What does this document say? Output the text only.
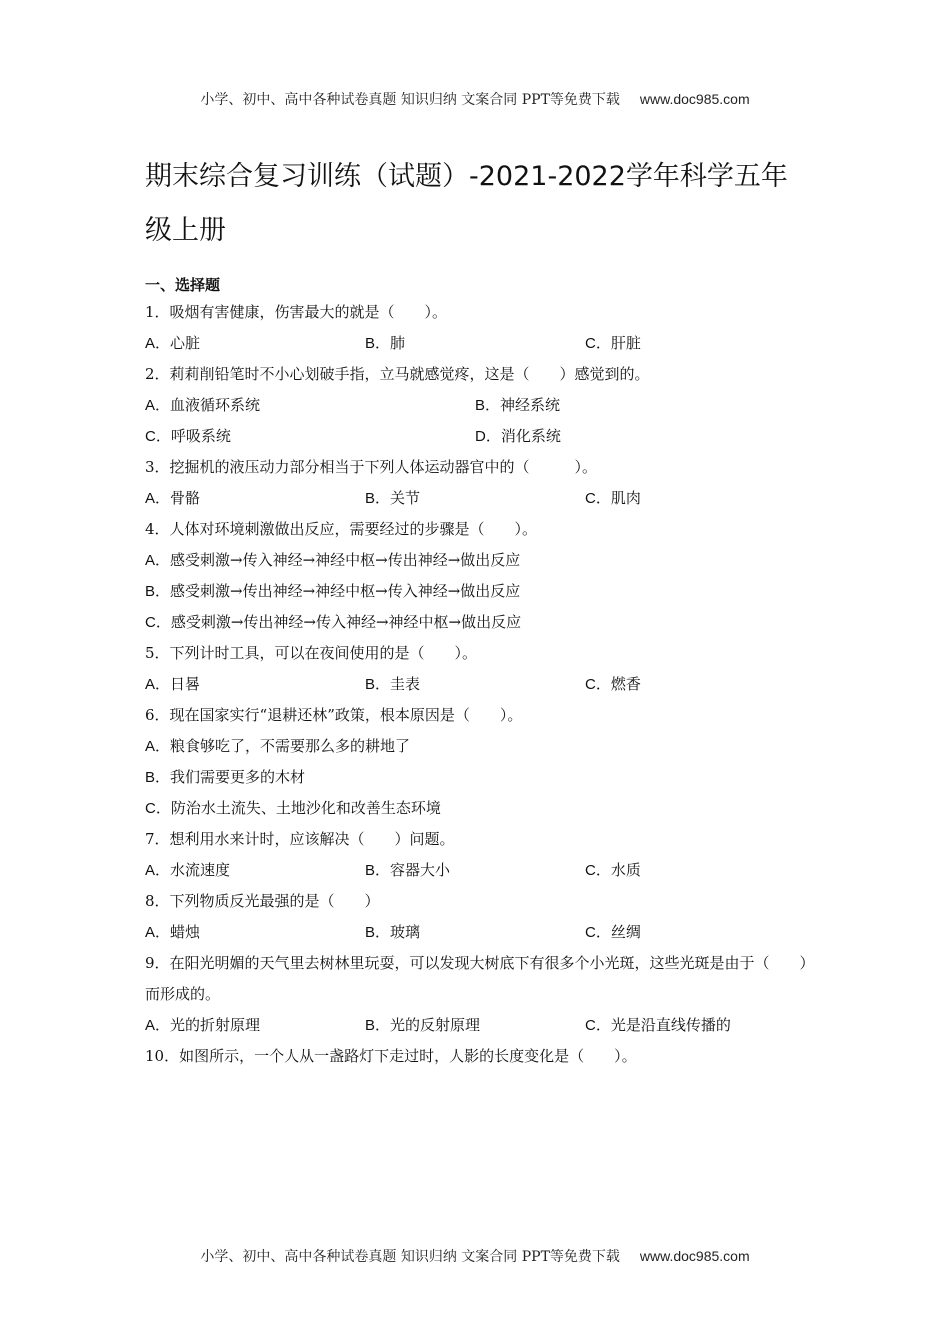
小学、初中、高中各种试卷真题 知识归纳 文案合同 PPT等免费下载 www.doc985.com
期末综合复习训练（试题）-2021-2022学年科学五年级上册
一、选择题
1．吸烟有害健康，伤害最大的就是（　　）。
A．心脏	B．肺	C．肝脏
2．莉莉削铅笔时不小心划破手指，立马就感觉疼，这是（　　）感觉到的。
A．血液循环系统	B．神经系统
C．呼吸系统	D．消化系统
3．挖掘机的液压动力部分相当于下列人体运动器官中的（　　　）。
A．骨骼	B．关节	C．肌肉
4．人体对环境刺激做出反应，需要经过的步骤是（　　）。
A．感受刺激→传入神经→神经中枢→传出神经→做出反应
B．感受刺激→传出神经→神经中枢→传入神经→做出反应
C．感受刺激→传出神经→传入神经→神经中枢→做出反应
5．下列计时工具，可以在夜间使用的是（　　）。
A．日晷	B．圭表	C．燃香
6．现在国家实行“退耕还林”政策，根本原因是（　　）。
A．粮食够吃了，不需要那么多的耕地了
B．我们需要更多的木材
C．防治水土流失、土地沙化和改善生态环境
7．想利用水来计时，应该解决（　　）问题。
A．水流速度	B．容器大小	C．水质
8．下列物质反光最强的是（　　）
A．蜡烛	B．玻璃	C．丝绸
9．在阳光明媚的天气里去树林里玩耍，可以发现大树底下有很多个小光斑，这些光斑是由于（　　）而形成的。
A．光的折射原理	B．光的反射原理	C．光是沿直线传播的
10．如图所示，一个人从一盏路灯下走过时，人影的长度变化是（　　）。
小学、初中、高中各种试卷真题 知识归纳 文案合同 PPT等免费下载 www.doc985.com
